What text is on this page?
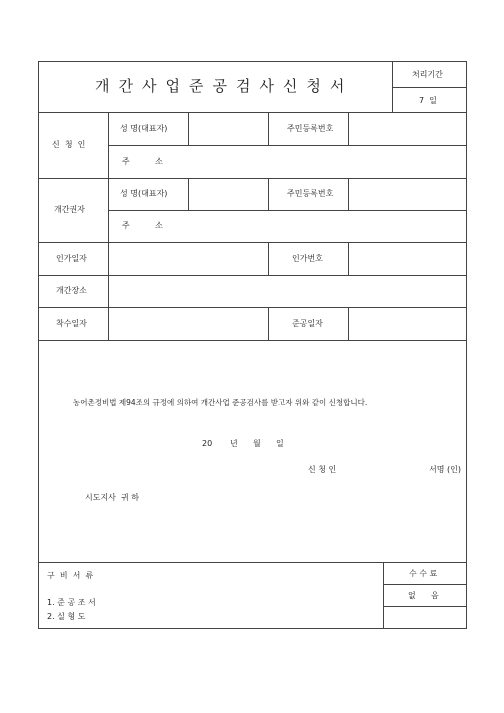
개간사업준공검사신청서
처리기간
7  일
신  청  인
성 명(대표자)	주민등록번호
주          소
개간권자
성 명(대표자)	주민등록번호
주          소
인가일자	인가번호
개간장소
착수일자	준공일자
농어촌정비법 제94조의 규정에 의하여 개간사업 준공검사를 받고자 위와 같이 신청합니다.
20       년      월      일
신 청 인	서명 (인)
시도지사  귀 하
구  비  서  류
1. 준 공 조 서
2. 실 형 도
수 수 료
없      음
